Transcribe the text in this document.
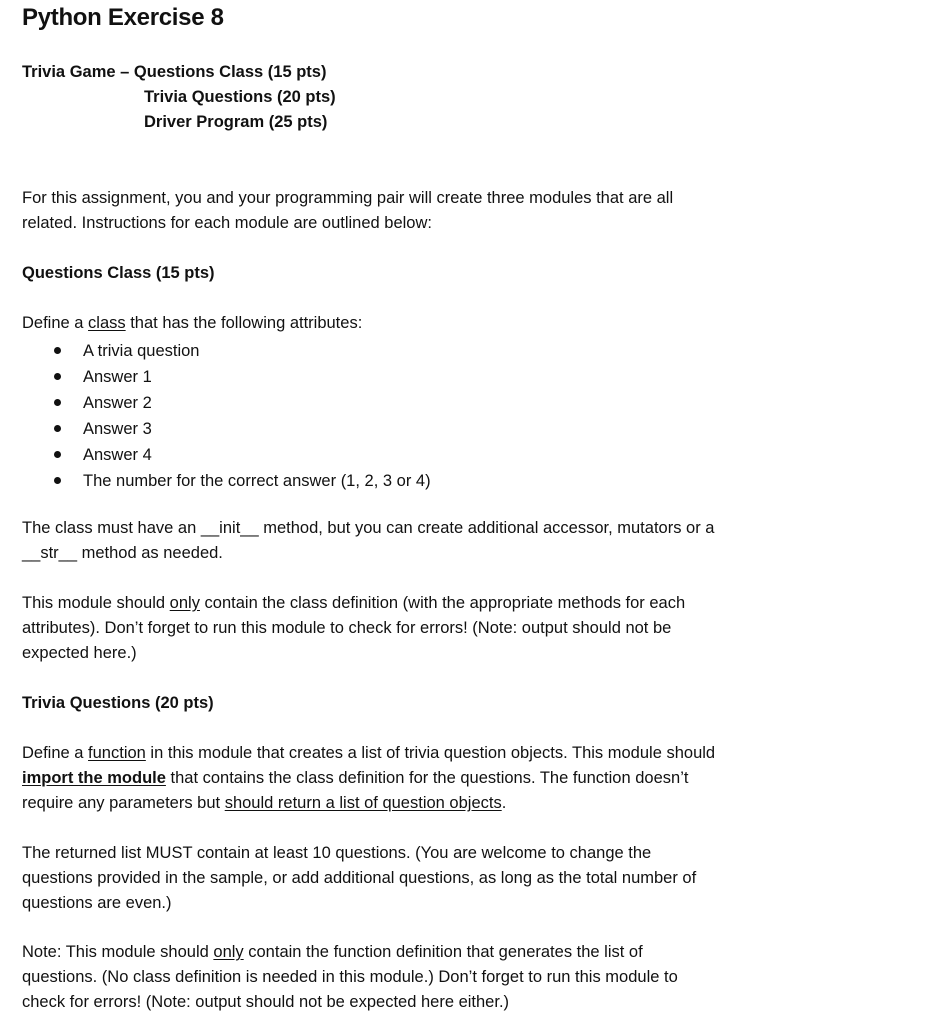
Python Exercise 8
Trivia Game – Questions Class (15 pts)
Trivia Questions (20 pts)
Driver Program (25 pts)

For this assignment, you and your programming pair will create three modules that are all
related. Instructions for each module are outlined below:

Questions Class (15 pts)

Define a class that has the following attributes:

A trivia question
Answer 1
Answer 2
Answer 3
Answer 4
The number for the correct answer (1, 2, 3 or 4)

The class must have an __init__ method, but you can create additional accessor, mutators or a
__str__ method as needed.

This module should only contain the class definition (with the appropriate methods for each
attributes). Don’t forget to run this module to check for errors! (Note: output should not be
expected here.)

Trivia Questions (20 pts)

Define a function in this module that creates a list of trivia question objects. This module should
import the module that contains the class definition for the questions. The function doesn’t
require any parameters but should return a list of question objects.

The returned list MUST contain at least 10 questions. (You are welcome to change the
questions provided in the sample, or add additional questions, as long as the total number of
questions are even.)

Note: This module should only contain the function definition that generates the list of
questions. (No class definition is needed in this module.) Don’t forget to run this module to
check for errors! (Note: output should not be expected here either.)
